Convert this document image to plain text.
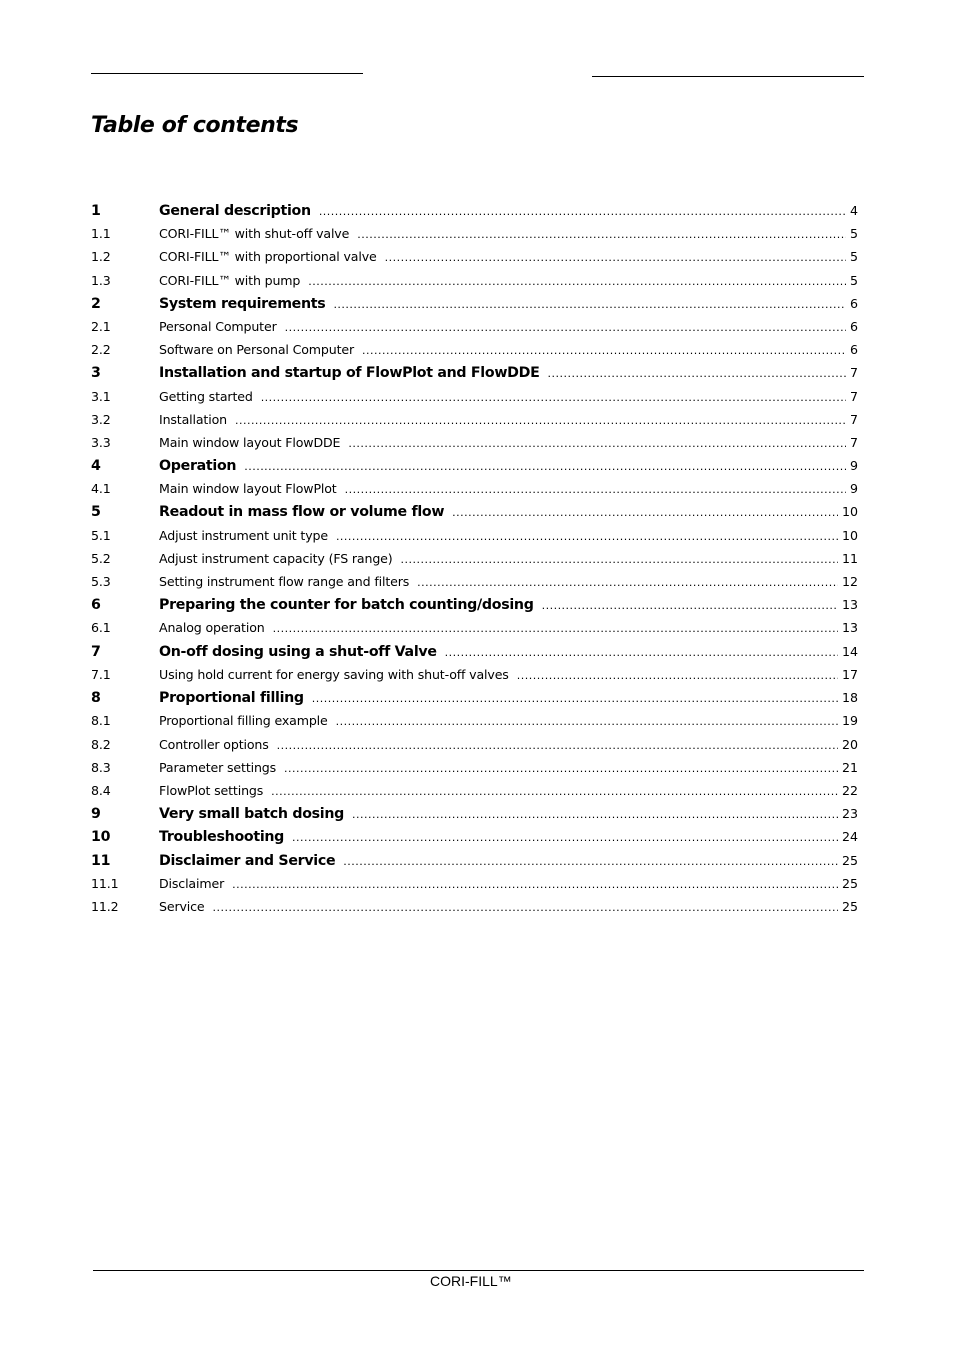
Table of contents
1	General description .....	4
1.1	CORI-FILL™ with shut-off valve .....	5
1.2	CORI-FILL™ with proportional valve .....	5
1.3	CORI-FILL™ with pump .....	5
2	System requirements .....	6
2.1	Personal Computer .....	6
2.2	Software on Personal Computer .....	6
3	Installation and startup of FlowPlot and FlowDDE .....	7
3.1	Getting started .....	7
3.2	Installation .....	7
3.3	Main window layout FlowDDE .....	7
4	Operation .....	9
4.1	Main window layout FlowPlot .....	9
5	Readout in mass flow or volume flow .....	10
5.1	Adjust instrument unit type .....	10
5.2	Adjust instrument capacity (FS range) .....	11
5.3	Setting instrument flow range and filters .....	12
6	Preparing the counter for batch counting/dosing .....	13
6.1	Analog operation .....	13
7	On-off dosing using a shut-off Valve .....	14
7.1	Using hold current for energy saving with shut-off valves .....	17
8	Proportional filling .....	18
8.1	Proportional filling example .....	19
8.2	Controller options .....	20
8.3	Parameter settings .....	21
8.4	FlowPlot settings .....	22
9	Very small batch dosing .....	23
10	Troubleshooting .....	24
11	Disclaimer and Service .....	25
11.1	Disclaimer .....	25
11.2	Service .....	25
CORI-FILL™
